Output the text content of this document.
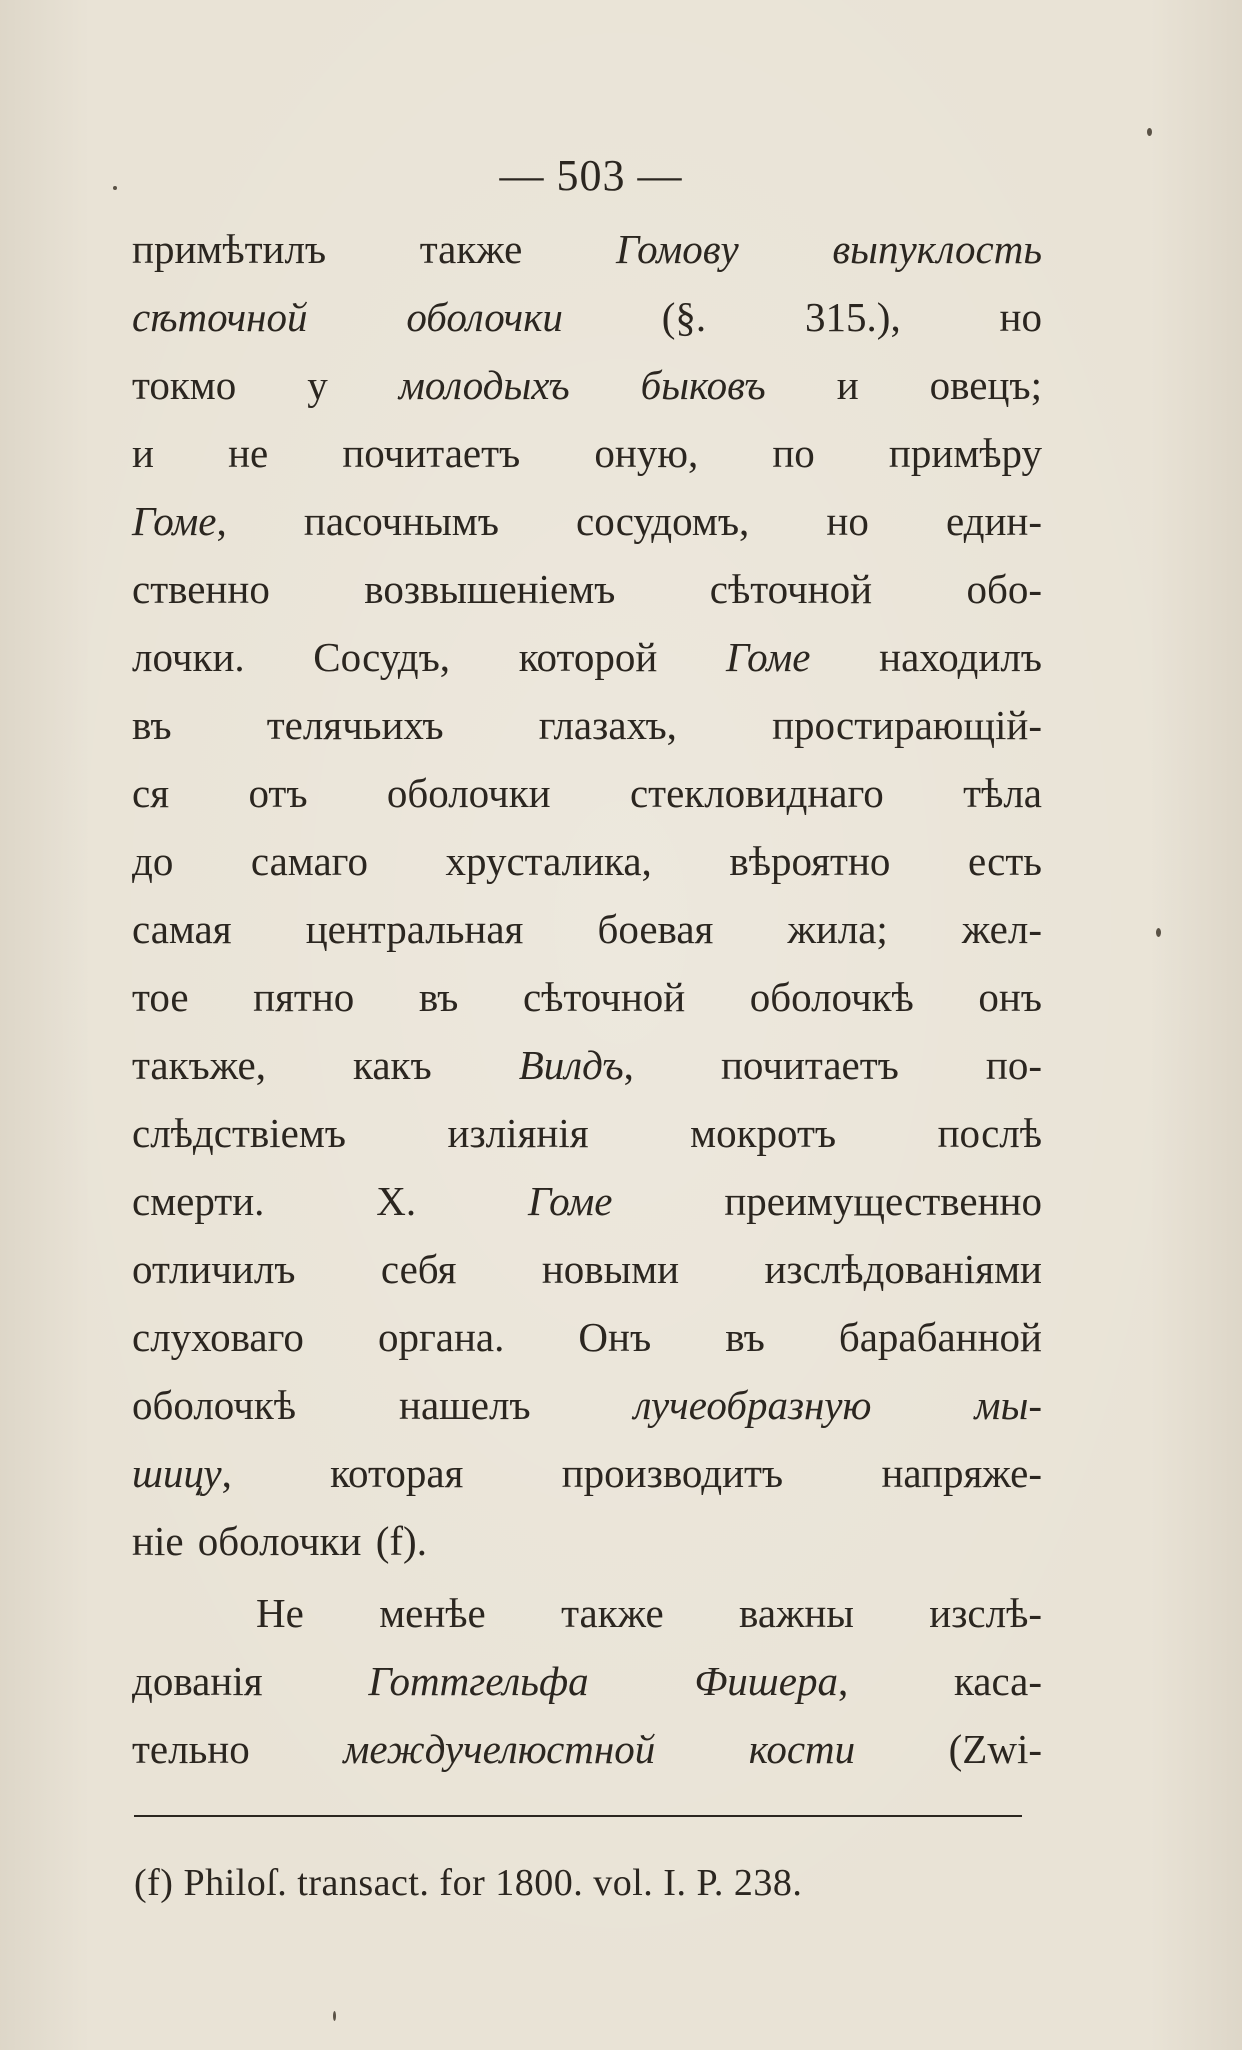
— 503 —
примѣтилъ также Гомову выпуклость
сѣточной оболочки (§. 315.), но
токмо у молодыхъ быковъ и овецъ;
и не почитаетъ оную, по примѣру
Гоме, пасочнымъ сосудомъ, но един-
ственно возвышеніемъ сѣточной обо-
лочки. Сосудъ, которой Гоме находилъ
въ телячьихъ глазахъ, простирающій-
ся отъ оболочки стекловиднаго тѣла
до самаго хрусталика, вѣроятно есть
самая центральная боевая жила; жел-
тое пятно въ сѣточной оболочкѣ онъ
такъже, какъ Вилдъ, почитаетъ по-
слѣдствіемъ изліянія мокротъ послѣ
смерти. Х. Гоме преимущественно
отличилъ себя новыми изслѣдованіями
слуховаго органа. Онъ въ барабанной
оболочкѣ нашелъ лучеобразную мы-
шицу, которая производитъ напряже-
ніе оболочки (f).
Не менѣе также важны изслѣ-
дованія Готтгельфа Фишера, каса-
тельно междучелюстной кости (Zwi-
(f) Philoſ. transact. for 1800. vol. I. P. 238.
